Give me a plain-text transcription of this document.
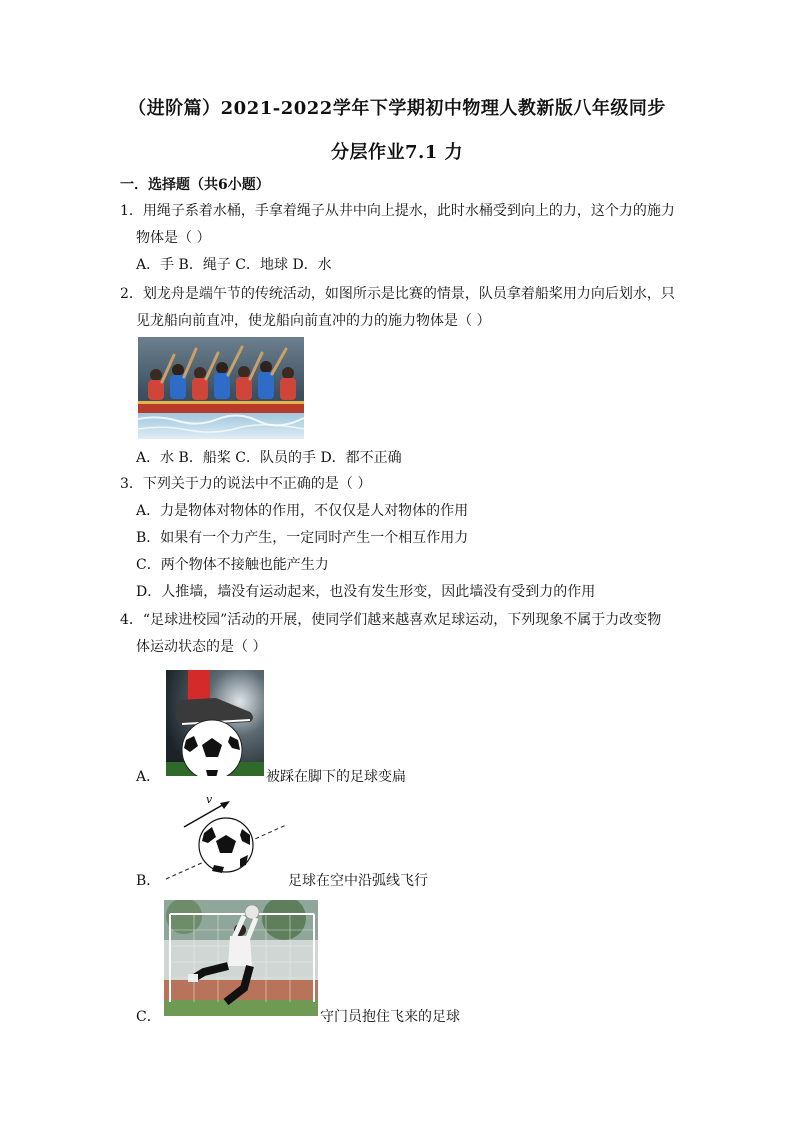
（进阶篇）2021-2022学年下学期初中物理人教新版八年级同步
分层作业7.1 力
一．选择题（共6小题）
1．用绳子系着水桶，手拿着绳子从井中向上提水，此时水桶受到向上的力，这个力的施力
物体是（ ）
A．手 B．绳子 C．地球 D．水
2．划龙舟是端午节的传统活动，如图所示是比赛的情景，队员拿着船桨用力向后划水，只
见龙船向前直冲，使龙船向前直冲的力的施力物体是（ ）
A．水 B．船桨 C．队员的手 D．都不正确
3．下列关于力的说法中不正确的是（ ）
A．力是物体对物体的作用，不仅仅是人对物体的作用
B．如果有一个力产生，一定同时产生一个相互作用力
C．两个物体不接触也能产生力
D．人推墙，墙没有运动起来，也没有发生形变，因此墙没有受到力的作用
4．“足球进校园”活动的开展，使同学们越来越喜欢足球运动，下列现象不属于力改变物
体运动状态的是（ ）
A．	被踩在脚下的足球变扁
v
B．	足球在空中沿弧线飞行
C．	守门员抱住飞来的足球
